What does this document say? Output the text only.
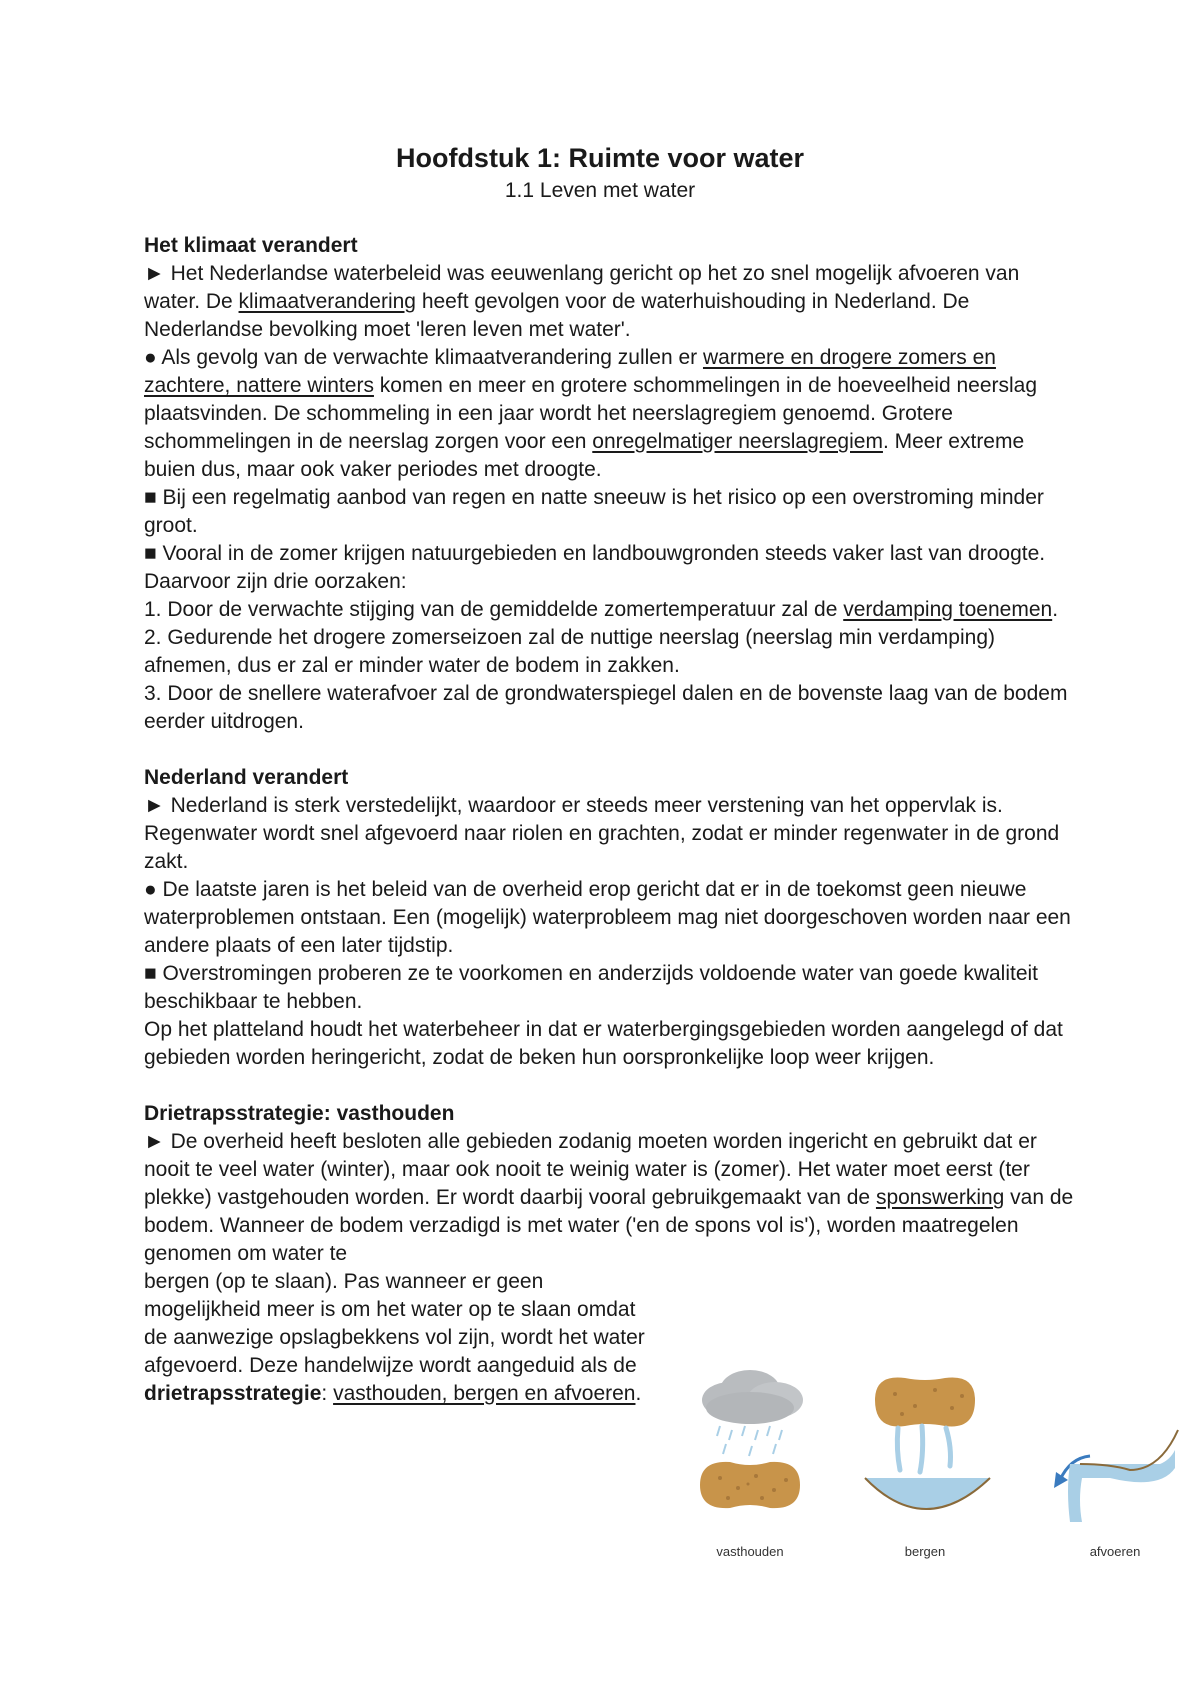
Hoofdstuk 1: Ruimte voor water

1.1 Leven met water

Het klimaat verandert

► Het Nederlandse waterbeleid was eeuwenlang gericht op het zo snel mogelijk afvoeren van water. De klimaatverandering heeft gevolgen voor de waterhuishouding in Nederland. De Nederlandse bevolking moet 'leren leven met water'.

● Als gevolg van de verwachte klimaatverandering zullen er warmere en drogere zomers en zachtere, nattere winters komen en meer en grotere schommelingen in de hoeveelheid neerslag plaatsvinden. De schommeling in een jaar wordt het neerslagregiem genoemd. Grotere schommelingen in de neerslag zorgen voor een onregelmatiger neerslagregiem. Meer extreme buien dus, maar ook vaker periodes met droogte.

■ Bij een regelmatig aanbod van regen en natte sneeuw is het risico op een overstroming minder groot.

■ Vooral in de zomer krijgen natuurgebieden en landbouwgronden steeds vaker last van droogte. Daarvoor zijn drie oorzaken:

1. Door de verwachte stijging van de gemiddelde zomertemperatuur zal de verdamping toenemen.

2. Gedurende het drogere zomerseizoen zal de nuttige neerslag (neerslag min verdamping) afnemen, dus er zal er minder water de bodem in zakken.

3. Door de snellere waterafvoer zal de grondwaterspiegel dalen en de bovenste laag van de bodem eerder uitdrogen.

Nederland verandert

► Nederland is sterk verstedelijkt, waardoor er steeds meer verstening van het oppervlak is. Regenwater wordt snel afgevoerd naar riolen en grachten, zodat er minder regenwater in de grond zakt.

● De laatste jaren is het beleid van de overheid erop gericht dat er in de toekomst geen nieuwe waterproblemen ontstaan. Een (mogelijk) waterprobleem mag niet doorgeschoven worden naar een andere plaats of een later tijdstip.

■ Overstromingen proberen ze te voorkomen en anderzijds voldoende water van goede kwaliteit beschikbaar te hebben.

Op het platteland houdt het waterbeheer in dat er waterbergingsgebieden worden aangelegd of dat gebieden worden heringericht, zodat de beken hun oorspronkelijke loop weer krijgen.

Drietrapsstrategie: vasthouden

► De overheid heeft besloten alle gebieden zodanig moeten worden ingericht en gebruikt dat er nooit te veel water (winter), maar ook nooit te weinig water is (zomer). Het water moet eerst (ter plekke) vastgehouden worden. Er wordt daarbij vooral gebruikgemaakt van de sponswerking van de bodem. Wanneer de bodem verzadigd is met water ('en de spons vol is'), worden maatregelen genomen om water te

bergen (op te slaan). Pas wanneer er geen mogelijkheid meer is om het water op te slaan omdat de aanwezige opslagbekkens vol zijn, wordt het water afgevoerd. Deze handelwijze wordt aangeduid als de drietrapsstrategie: vasthouden, bergen en afvoeren.

vasthouden	bergen	afvoeren
